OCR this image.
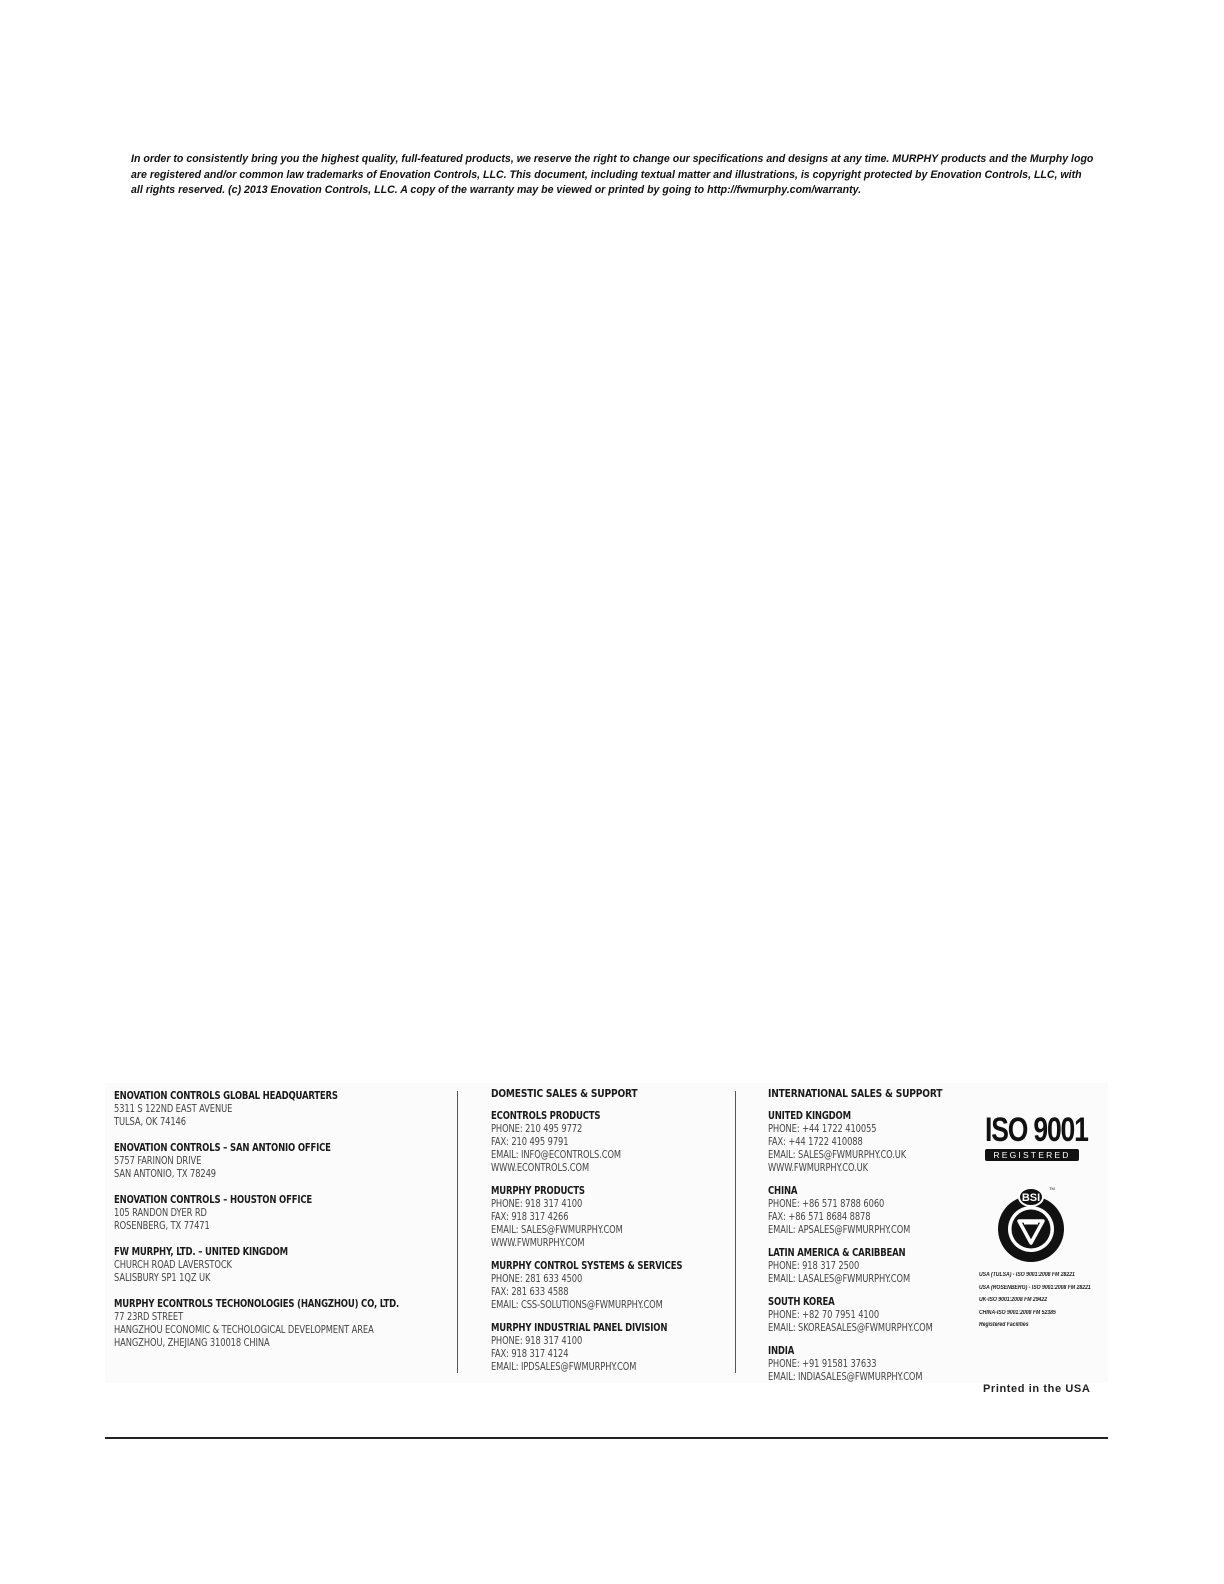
In order to consistently bring you the highest quality, full-featured products, we reserve the right to change our specifications and designs at any time. MURPHY products and the Murphy logo are registered and/or common law trademarks of Enovation Controls, LLC. This document, including textual matter and illustrations, is copyright protected by Enovation Controls, LLC, with all rights reserved. (c) 2013 Enovation Controls, LLC. A copy of the warranty may be viewed or printed by going to http://fwmurphy.com/warranty.

ENOVATION CONTROLS GLOBAL HEADQUARTERS
5311 S 122ND EAST AVENUE
TULSA, OK 74146
ENOVATION CONTROLS – SAN ANTONIO OFFICE
5757 FARINON DRIVE
SAN ANTONIO, TX 78249
ENOVATION CONTROLS – HOUSTON OFFICE
105 RANDON DYER RD
ROSENBERG, TX 77471
FW MURPHY, LTD. – UNITED KINGDOM
CHURCH ROAD LAVERSTOCK
SALISBURY SP1 1QZ UK
MURPHY ECONTROLS TECHONOLOGIES (HANGZHOU) CO, LTD.
77 23RD STREET
HANGZHOU ECONOMIC & TECHOLOGICAL DEVELOPMENT AREA
HANGZHOU, ZHEJIANG 310018 CHINA
DOMESTIC SALES & SUPPORT
ECONTROLS PRODUCTS
PHONE: 210 495 9772
FAX: 210 495 9791
EMAIL: INFO@ECONTROLS.COM
WWW.ECONTROLS.COM
MURPHY PRODUCTS
PHONE: 918 317 4100
FAX: 918 317 4266
EMAIL: SALES@FWMURPHY.COM
WWW.FWMURPHY.COM
MURPHY CONTROL SYSTEMS & SERVICES
PHONE: 281 633 4500
FAX: 281 633 4588
EMAIL: CSS-SOLUTIONS@FWMURPHY.COM
MURPHY INDUSTRIAL PANEL DIVISION
PHONE: 918 317 4100
FAX: 918 317 4124
EMAIL: IPDSALES@FWMURPHY.COM
INTERNATIONAL SALES & SUPPORT
UNITED KINGDOM
PHONE: +44 1722 410055
FAX: +44 1722 410088
EMAIL: SALES@FWMURPHY.CO.UK
WWW.FWMURPHY.CO.UK
CHINA
PHONE: +86 571 8788 6060
FAX: +86 571 8684 8878
EMAIL: APSALES@FWMURPHY.COM
LATIN AMERICA & CARIBBEAN
PHONE: 918 317 2500
EMAIL: LASALES@FWMURPHY.COM
SOUTH KOREA
PHONE: +82 70 7951 4100
EMAIL: SKOREASALES@FWMURPHY.COM
INDIA
PHONE: +91 91581 37633
EMAIL: INDIASALES@FWMURPHY.COM
ISO 9001
REGISTERED
BSI
TM
USA (TULSA) - ISO 9001:2008 FM 28221
USA (ROSENBERG) - ISO 9001:2008 FM 28221
UK-ISO 9001:2008 FM 29422
CHINA-ISO 9001:2008 FM 52385
Registered Facilities
Printed in the USA
